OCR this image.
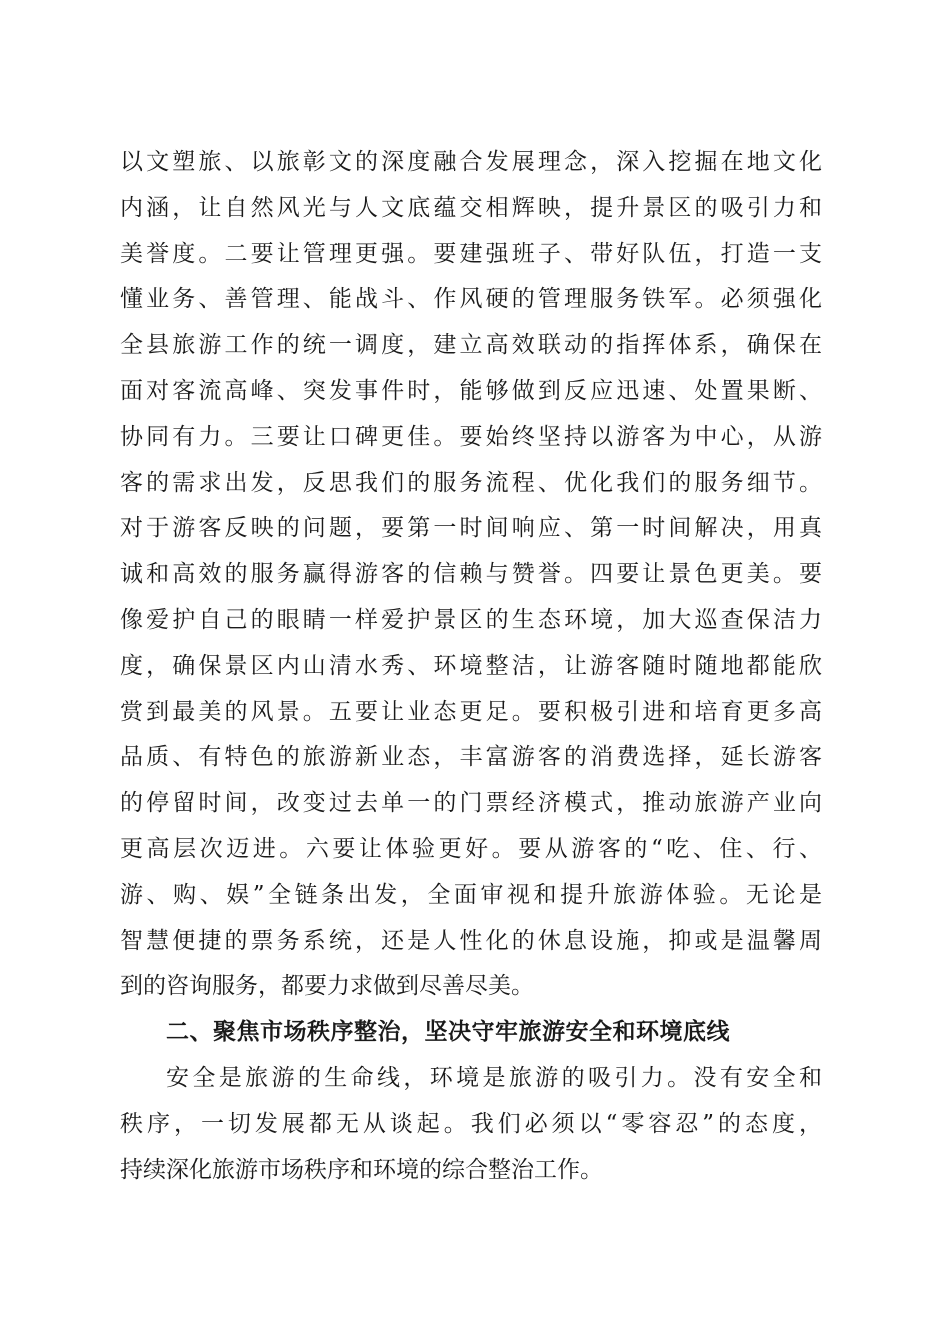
以文塑旅、以旅彰文的深度融合发展理念，深入挖掘在地文化
内涵，让自然风光与人文底蕴交相辉映，提升景区的吸引力和
美誉度。二要让管理更强。要建强班子、带好队伍，打造一支
懂业务、善管理、能战斗、作风硬的管理服务铁军。必须强化
全县旅游工作的统一调度，建立高效联动的指挥体系，确保在
面对客流高峰、突发事件时，能够做到反应迅速、处置果断、
协同有力。三要让口碑更佳。要始终坚持以游客为中心，从游
客的需求出发，反思我们的服务流程、优化我们的服务细节。
对于游客反映的问题，要第一时间响应、第一时间解决，用真
诚和高效的服务赢得游客的信赖与赞誉。四要让景色更美。要
像爱护自己的眼睛一样爱护景区的生态环境，加大巡查保洁力
度，确保景区内山清水秀、环境整洁，让游客随时随地都能欣
赏到最美的风景。五要让业态更足。要积极引进和培育更多高
品质、有特色的旅游新业态，丰富游客的消费选择，延长游客
的停留时间，改变过去单一的门票经济模式，推动旅游产业向
更高层次迈进。六要让体验更好。要从游客的“吃、住、行、
游、购、娱”全链条出发，全面审视和提升旅游体验。无论是
智慧便捷的票务系统，还是人性化的休息设施，抑或是温馨周
到的咨询服务，都要力求做到尽善尽美。
二、聚焦市场秩序整治，坚决守牢旅游安全和环境底线
安全是旅游的生命线，环境是旅游的吸引力。没有安全和
秩序，一切发展都无从谈起。我们必须以“零容忍”的态度，
持续深化旅游市场秩序和环境的综合整治工作。
